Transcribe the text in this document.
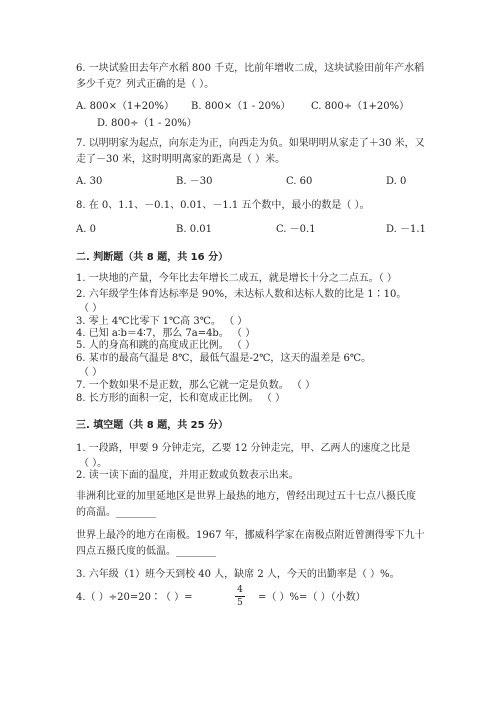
6. 一块试验田去年产水稻 800 千克，比前年增收二成，这块试验田前年产水稻
多少千克？列式正确的是（ ）。
A. 800×（1+20%） B. 800×（1 - 20%） C. 800÷（1+20%）
D. 800÷（1 - 20%）
7. 以明明家为起点，向东走为正，向西走为负。如果明明从家走了＋30 米，又
走了－30 米，这时明明离家的距离是（ ）米。
A. 30	B. －30	C. 60	D. 0
8. 在 0、1.1、－0.1、0.01、－1.1 五个数中，最小的数是（ ）。
A. 0	B. 0.01	C. －0.1	D. －1.1
二. 判断题（共 8 题，共 16 分）
1. 一块地的产量，今年比去年增长二成五，就是增长十分之二点五。（ ）
2. 六年级学生体育达标率是 90%，未达标人数和达标人数的比是 1∶10。
（ ）
3. 零上 4℃比零下 1℃高 3℃。 （ ）
4. 已知 a∶b＝4∶7，那么 7a=4b。 （ ）
5. 人的身高和跳的高度成正比例。 （ ）
6. 某市的最高气温是 8℃，最低气温是-2℃，这天的温差是 6℃。
（ ）
7. 一个数如果不是正数，那么它就一定是负数。 （ ）
8. 长方形的面积一定，长和宽成正比例。 （ ）
三. 填空题（共 8 题，共 25 分）
1. 一段路，甲要 9 分钟走完，乙要 12 分钟走完，甲、乙两人的速度之比是
（ ）。
2. 读一读下面的温度，并用正数或负数表示出来。
非洲利比亚的加里延地区是世界上最热的地方，曾经出现过五十七点八摄氏度
的高温。________
世界上最冷的地方在南极。1967 年，挪威科学家在南极点附近曾测得零下九十
四点五摄氏度的低温。________
3. 六年级（1）班今天到校 40 人，缺席 2 人，今天的出勤率是（ ）%。
4.（ ）÷20=20∶（ ）=
4
5 =（ ）%=（ ）（小数）
